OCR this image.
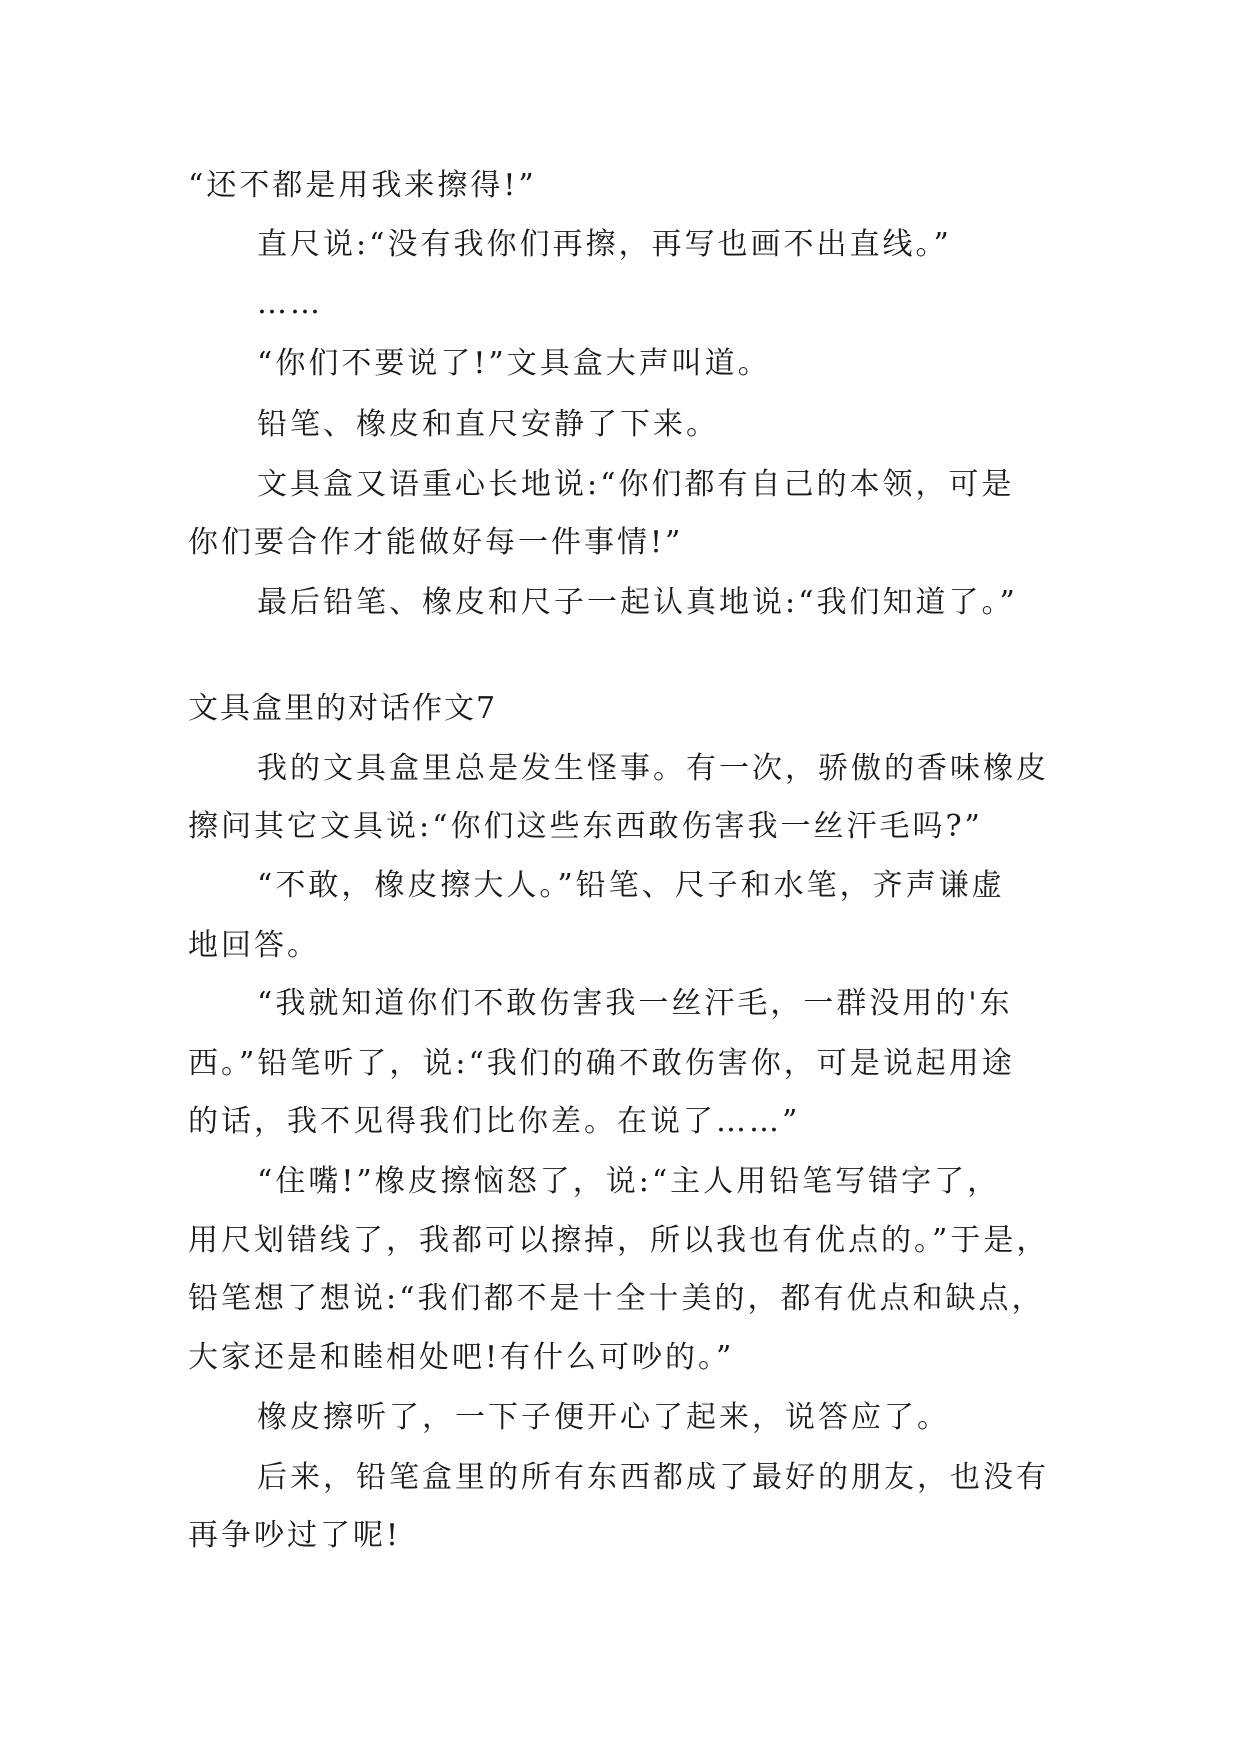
“还不都是用我来擦得!”
直尺说:“没有我你们再擦，再写也画不出直线。”
……
“你们不要说了!”文具盒大声叫道。
铅笔、橡皮和直尺安静了下来。
文具盒又语重心长地说:“你们都有自己的本领，可是
你们要合作才能做好每一件事情!”
最后铅笔、橡皮和尺子一起认真地说:“我们知道了。”
文具盒里的对话作文7
我的文具盒里总是发生怪事。有一次，骄傲的香味橡皮
擦问其它文具说:“你们这些东西敢伤害我一丝汗毛吗?”
“不敢，橡皮擦大人。”铅笔、尺子和水笔，齐声谦虚
地回答。
“我就知道你们不敢伤害我一丝汗毛，一群没用的'东
西。”铅笔听了，说:“我们的确不敢伤害你，可是说起用途
的话，我不见得我们比你差。在说了……”
“住嘴!”橡皮擦恼怒了，说:“主人用铅笔写错字了，
用尺划错线了，我都可以擦掉，所以我也有优点的。”于是，
铅笔想了想说:“我们都不是十全十美的，都有优点和缺点，
大家还是和睦相处吧!有什么可吵的。”
橡皮擦听了，一下子便开心了起来，说答应了。
后来，铅笔盒里的所有东西都成了最好的朋友，也没有
再争吵过了呢!
